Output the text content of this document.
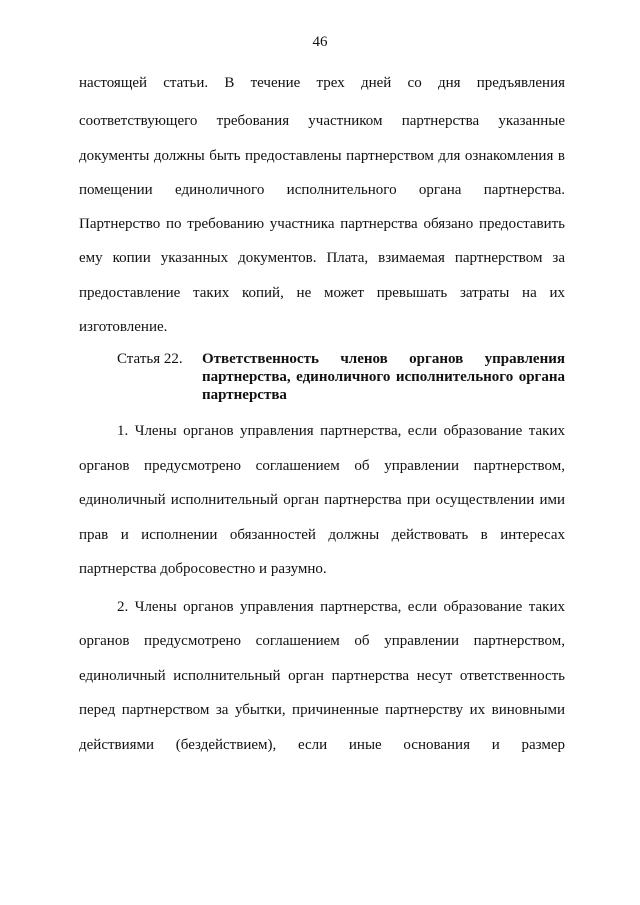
46
настоящей статьи. В течение трех дней со дня предъявления
соответствующего требования участником партнерства указанные
документы должны быть предоставлены партнерством для ознакомления в
помещении единоличного исполнительного органа партнерства.
Партнерство по требованию участника партнерства обязано предоставить
ему копии указанных документов. Плата, взимаемая партнерством за
предоставление таких копий, не может превышать затраты на их
изготовление.
Статья 22. Ответственность членов органов управления
партнерства, единоличного исполнительного органа
партнерства
1. Члены органов управления партнерства, если образование таких
органов предусмотрено соглашением об управлении партнерством,
единоличный исполнительный орган партнерства при осуществлении ими
прав и исполнении обязанностей должны действовать в интересах
партнерства добросовестно и разумно.
2. Члены органов управления партнерства, если образование таких
органов предусмотрено соглашением об управлении партнерством,
единоличный исполнительный орган партнерства несут ответственность
перед партнерством за убытки, причиненные партнерству их виновными
действиями (бездействием), если иные основания и размер
